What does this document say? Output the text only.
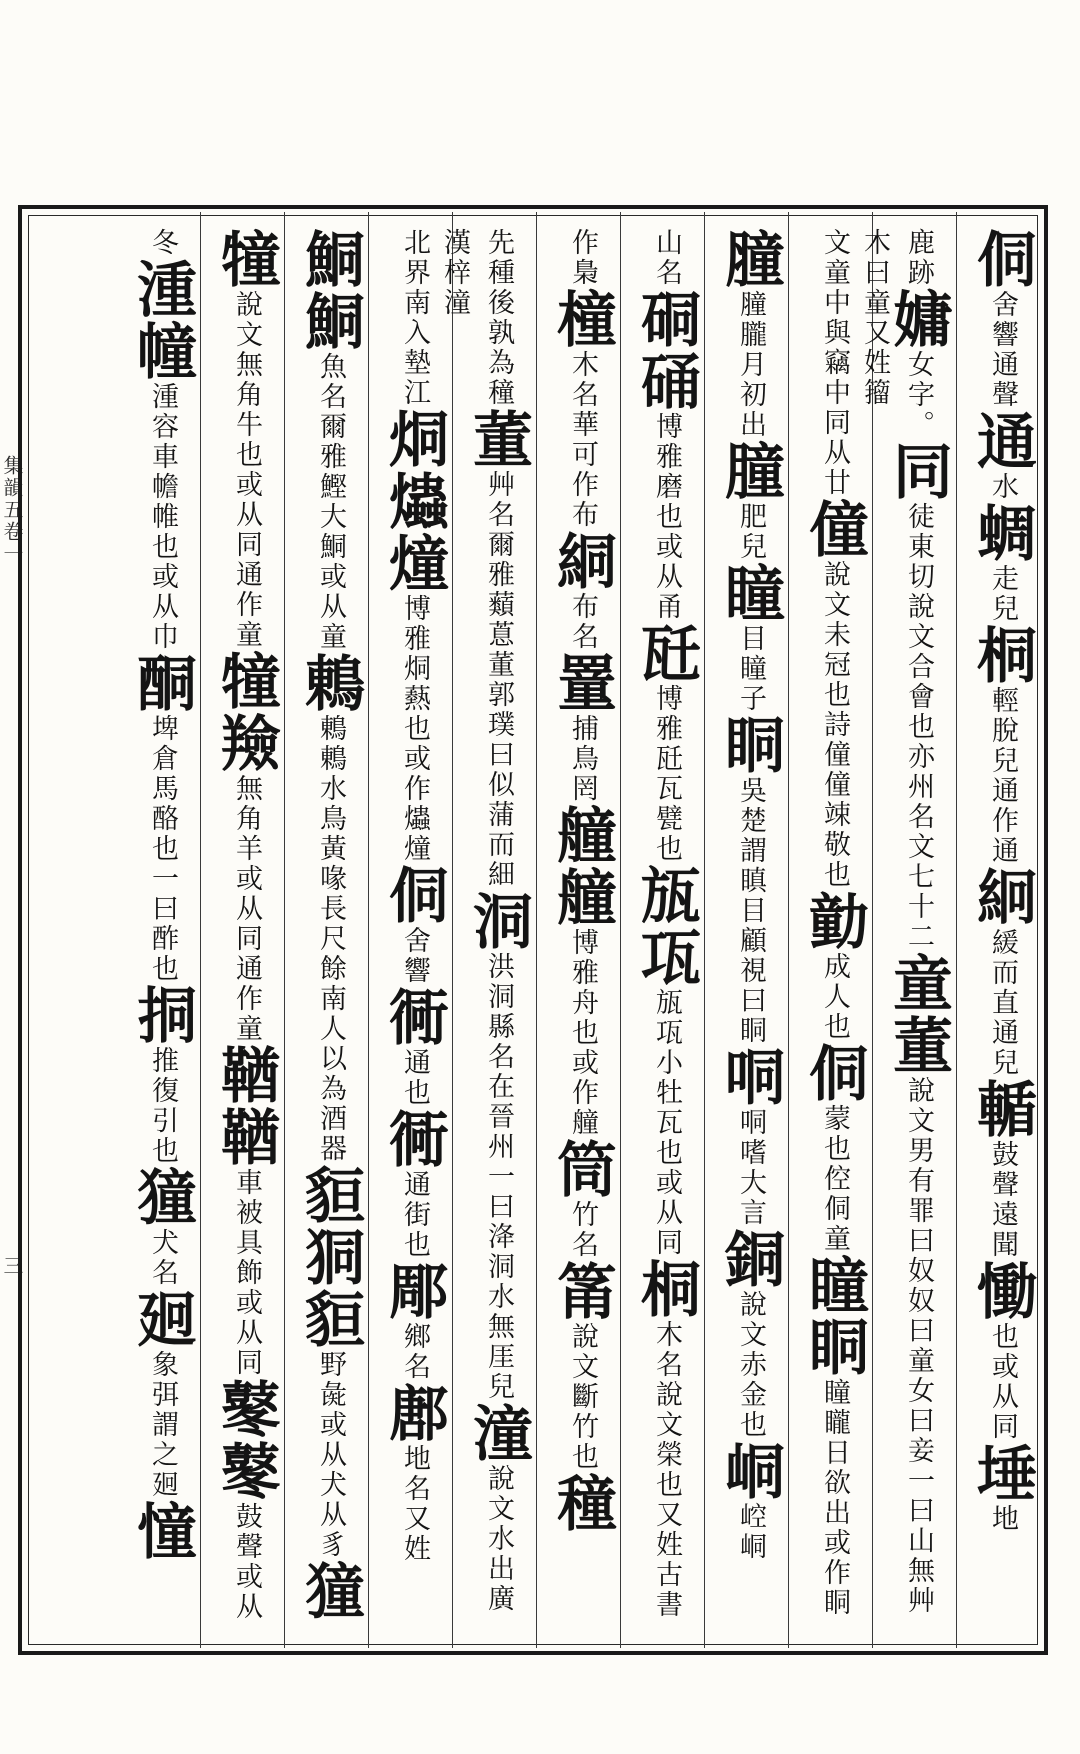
集韻五卷一
三
侗舍響通聲通水蜩走兒桐輕脫兒通作通絅緩而直通兒輴鼓聲遠聞慟也或从同埵地
鹿跡嫞女字。同徒東切說文合會也亦州名文七十二童董說文男有罪曰奴奴曰童女曰妾一曰山無艸木曰童又姓籀
文童中與竊中同从廿僮說文未冠也詩僮僮竦敬也勭成人也侗蒙也倥侗童瞳眮瞳矓日欲出或作眮
膧膧朧月初出朣肥兒瞳目瞳子眮吳楚謂瞋目顧視曰眮哃哃嗜大言銅說文赤金也峒崆峒
山名硐硧博雅磨也或从甬瓩博雅瓩瓦甓也瓬瓨瓬瓨小牡瓦也或从同桐木名說文榮也又姓古書
作梟橦木名華可作布絧布名罿捕鳥罔艟艟博雅舟也或作艟筒竹名筩說文斷竹也穜
先種後孰為穜董艸名爾雅蘱蒠董郭璞曰似蒲而細洞洪洞縣名在晉州一曰洚洞水無厓兒潼說文水出廣漢梓潼
北界南入墊江烔爞燑博雅烔爇也或作爞燑侗舍響衕通也衕通街也郮鄉名鄌地名又姓
鮦鮦魚名爾雅鰹大鮦或从童鶇鶇鶇水鳥黃喙長尺餘南人以為酒器貆狪貆野彘或从犬从豸獞
犝說文無角牛也或从同通作童犝羷無角羊或从同通作童鞧鞧車被具飾或从同鼕鼕鼓聲或从
冬湩幢湩容車幨帷也或从巾酮埤倉馬酪也一曰酢也挏推復引也獞犬名㢠象弭謂之㢠憧
